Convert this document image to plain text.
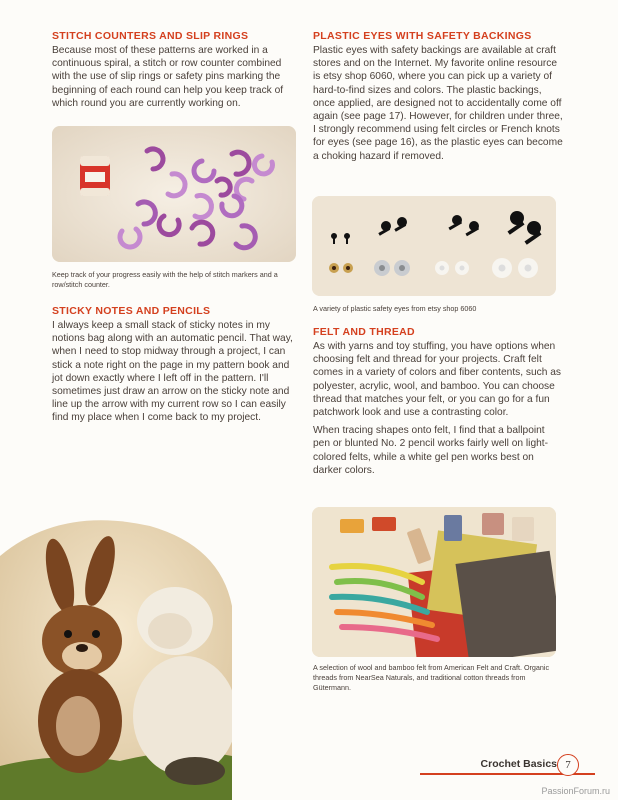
STITCH COUNTERS AND SLIP RINGS

Because most of these patterns are worked in a continuous spiral, a stitch or row counter combined with the use of slip rings or safety pins marking the beginning of each round can help you keep track of which round you are currently working on.

Keep track of your progress easily with the help of stitch markers and a row/stitch counter.

STICKY NOTES AND PENCILS

I always keep a small stack of sticky notes in my notions bag along with an automatic pencil. That way, when I need to stop midway through a project, I can stick a note right on the page in my pattern book and jot down exactly where I left off in the pattern. I'll sometimes just draw an arrow on the sticky note and line up the arrow with my current row so I can easily find my place when I come back to my project.

PLASTIC EYES WITH SAFETY BACKINGS

Plastic eyes with safety backings are available at craft stores and on the Internet. My favorite online resource is etsy shop 6060, where you can pick up a variety of hard-to-find sizes and colors. The plastic backings, once applied, are designed not to accidentally come off again (see page 17). However, for children under three, I strongly recommend using felt circles or French knots for eyes (see page 16), as the plastic eyes can become a choking hazard if removed.

A variety of plastic safety eyes from etsy shop 6060

FELT AND THREAD

As with yarns and toy stuffing, you have options when choosing felt and thread for your projects. Craft felt comes in a variety of colors and fiber contents, such as polyester, acrylic, wool, and bamboo. You can choose thread that matches your felt, or you can go for a fun patchwork look and use a contrasting color.

When tracing shapes onto felt, I find that a ballpoint pen or blunted No. 2 pencil works fairly well on light-colored felts, while a white gel pen works best on darker colors.

A selection of wool and bamboo felt from American Felt and Craft. Organic threads from NearSea Naturals, and traditional cotton threads from Gütermann.

Crochet Basics 7
PassionForum.ru
